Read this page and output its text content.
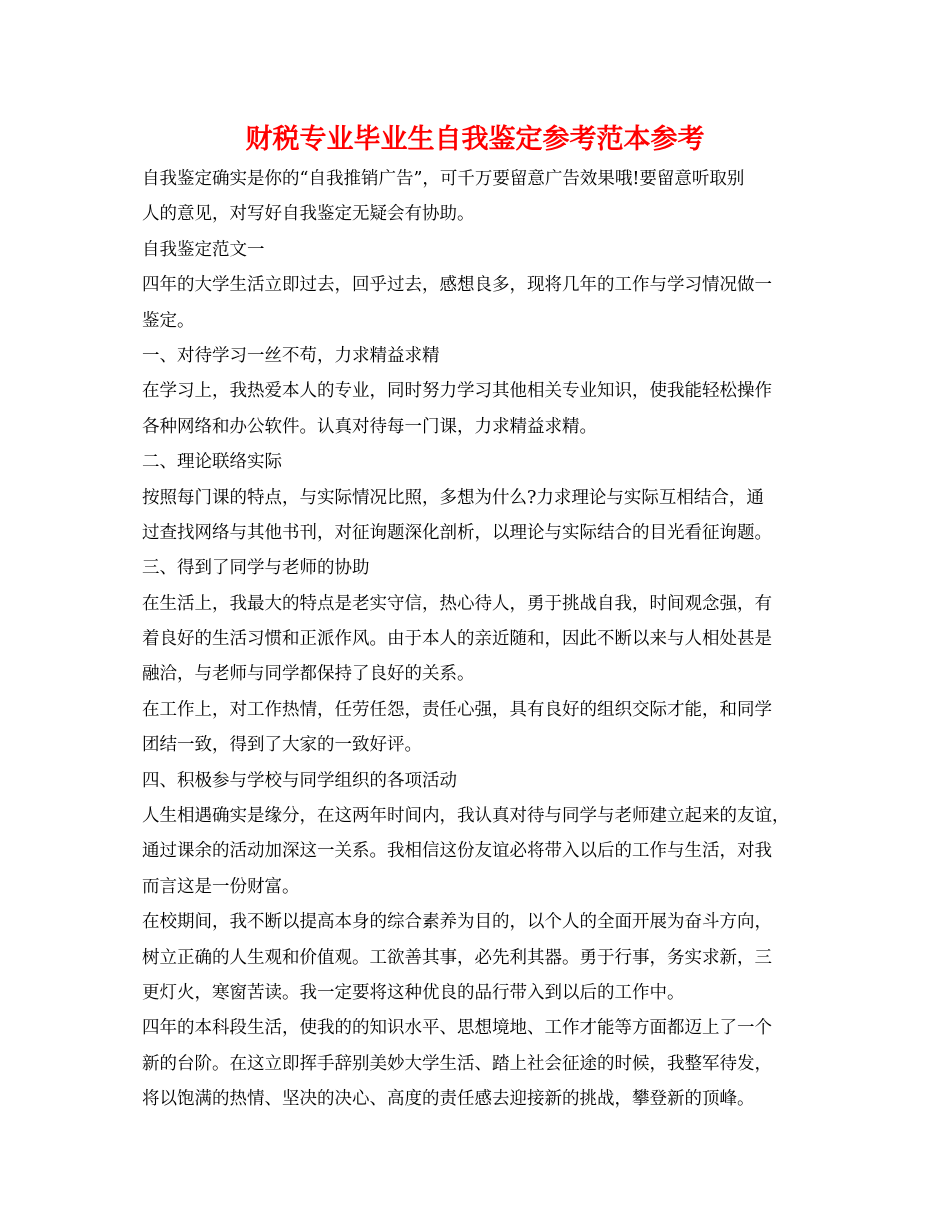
财税专业毕业生自我鉴定参考范本参考
自我鉴定确实是你的“自我推销广告”，可千万要留意广告效果哦!要留意听取别
人的意见，对写好自我鉴定无疑会有协助。
自我鉴定范文一
四年的大学生活立即过去，回乎过去，感想良多，现将几年的工作与学习情况做一
鉴定。
一、对待学习一丝不苟，力求精益求精
在学习上，我热爱本人的专业，同时努力学习其他相关专业知识，使我能轻松操作
各种网络和办公软件。认真对待每一门课，力求精益求精。
二、理论联络实际
按照每门课的特点，与实际情况比照，多想为什么?力求理论与实际互相结合，通
过查找网络与其他书刊，对征询题深化剖析，以理论与实际结合的目光看征询题。
三、得到了同学与老师的协助
在生活上，我最大的特点是老实守信，热心待人，勇于挑战自我，时间观念强，有
着良好的生活习惯和正派作风。由于本人的亲近随和，因此不断以来与人相处甚是
融洽，与老师与同学都保持了良好的关系。
在工作上，对工作热情，任劳任怨，责任心强，具有良好的组织交际才能，和同学
团结一致，得到了大家的一致好评。
四、积极参与学校与同学组织的各项活动
人生相遇确实是缘分，在这两年时间内，我认真对待与同学与老师建立起来的友谊，
通过课余的活动加深这一关系。我相信这份友谊必将带入以后的工作与生活，对我
而言这是一份财富。
在校期间，我不断以提高本身的综合素养为目的，以个人的全面开展为奋斗方向，
树立正确的人生观和价值观。工欲善其事，必先利其器。勇于行事，务实求新，三
更灯火，寒窗苦读。我一定要将这种优良的品行带入到以后的工作中。
四年的本科段生活，使我的的知识水平、思想境地、工作才能等方面都迈上了一个
新的台阶。在这立即挥手辞别美妙大学生活、踏上社会征途的时候，我整军待发，
将以饱满的热情、坚决的决心、高度的责任感去迎接新的挑战，攀登新的顶峰。
